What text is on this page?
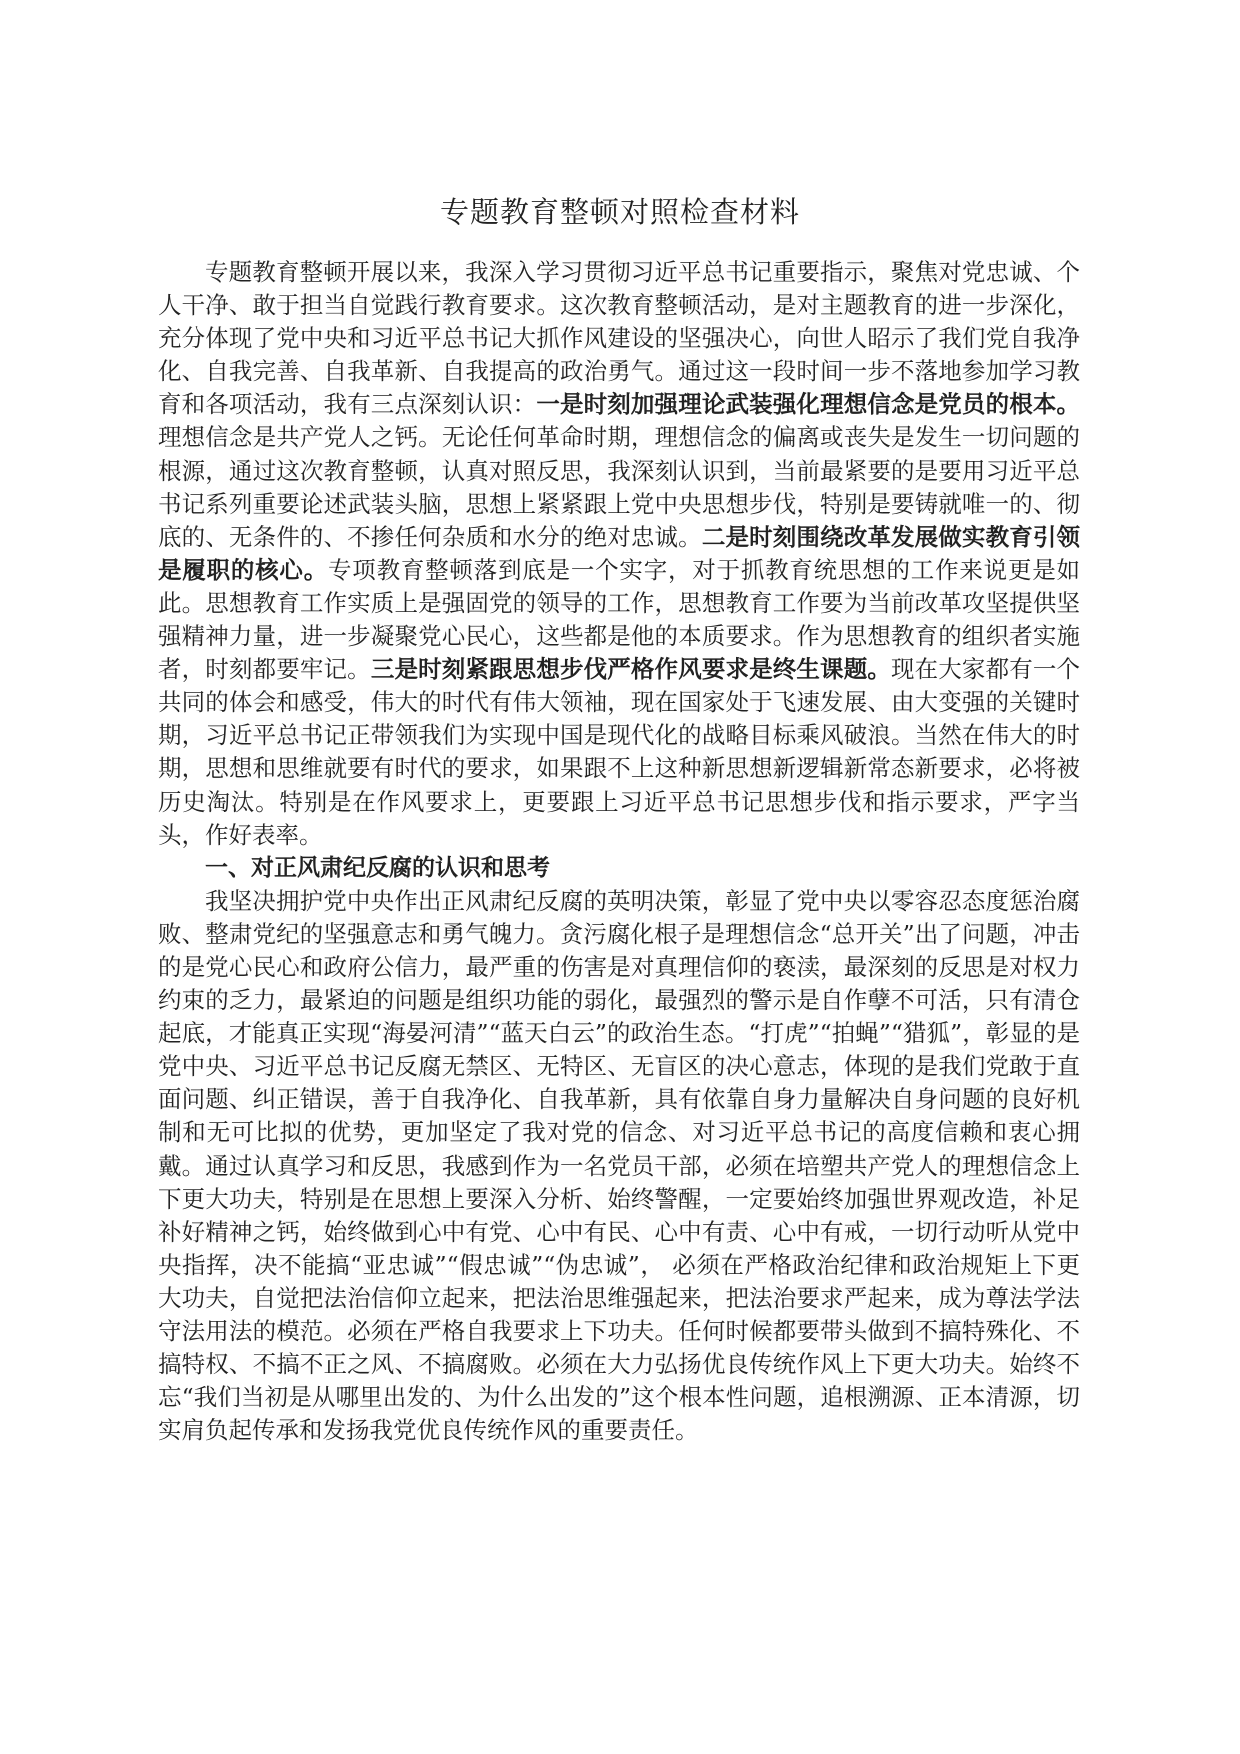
专题教育整顿对照检查材料

专题教育整顿开展以来，我深入学习贯彻习近平总书记重要指示，聚焦对党忠诚、个人干净、敢于担当自觉践行教育要求。这次教育整顿活动，是对主题教育的进一步深化，充分体现了党中央和习近平总书记大抓作风建设的坚强决心，向世人昭示了我们党自我净化、自我完善、自我革新、自我提高的政治勇气。通过这一段时间一步不落地参加学习教育和各项活动，我有三点深刻认识：一是时刻加强理论武装强化理想信念是党员的根本。理想信念是共产党人之钙。无论任何革命时期，理想信念的偏离或丧失是发生一切问题的根源，通过这次教育整顿，认真对照反思，我深刻认识到，当前最紧要的是要用习近平总书记系列重要论述武装头脑，思想上紧紧跟上党中央思想步伐，特别是要铸就唯一的、彻底的、无条件的、不掺任何杂质和水分的绝对忠诚。二是时刻围绕改革发展做实教育引领是履职的核心。专项教育整顿落到底是一个实字，对于抓教育统思想的工作来说更是如此。思想教育工作实质上是强固党的领导的工作，思想教育工作要为当前改革攻坚提供坚强精神力量，进一步凝聚党心民心，这些都是他的本质要求。作为思想教育的组织者实施者，时刻都要牢记。三是时刻紧跟思想步伐严格作风要求是终生课题。现在大家都有一个共同的体会和感受，伟大的时代有伟大领袖，现在国家处于飞速发展、由大变强的关键时期，习近平总书记正带领我们为实现中国是现代化的战略目标乘风破浪。当然在伟大的时期，思想和思维就要有时代的要求，如果跟不上这种新思想新逻辑新常态新要求，必将被历史淘汰。特别是在作风要求上，更要跟上习近平总书记思想步伐和指示要求，严字当头，作好表率。

一、对正风肃纪反腐的认识和思考

我坚决拥护党中央作出正风肃纪反腐的英明决策，彰显了党中央以零容忍态度惩治腐败、整肃党纪的坚强意志和勇气魄力。贪污腐化根子是理想信念“总开关”出了问题，冲击的是党心民心和政府公信力，最严重的伤害是对真理信仰的亵渎，最深刻的反思是对权力约束的乏力，最紧迫的问题是组织功能的弱化，最强烈的警示是自作孽不可活，只有清仓起底，才能真正实现“海晏河清”“蓝天白云”的政治生态。“打虎”“拍蝇”“猎狐”，彰显的是党中央、习近平总书记反腐无禁区、无特区、无盲区的决心意志，体现的是我们党敢于直面问题、纠正错误，善于自我净化、自我革新，具有依靠自身力量解决自身问题的良好机制和无可比拟的优势，更加坚定了我对党的信念、对习近平总书记的高度信赖和衷心拥戴。通过认真学习和反思，我感到作为一名党员干部，必须在培塑共产党人的理想信念上下更大功夫，特别是在思想上要深入分析、始终警醒，一定要始终加强世界观改造，补足补好精神之钙，始终做到心中有党、心中有民、心中有责、心中有戒，一切行动听从党中央指挥，决不能搞“亚忠诚”“假忠诚”“伪忠诚”， 必须在严格政治纪律和政治规矩上下更大功夫，自觉把法治信仰立起来，把法治思维强起来，把法治要求严起来，成为尊法学法守法用法的模范。必须在严格自我要求上下功夫。任何时候都要带头做到不搞特殊化、不搞特权、不搞不正之风、不搞腐败。必须在大力弘扬优良传统作风上下更大功夫。始终不忘“我们当初是从哪里出发的、为什么出发的”这个根本性问题，追根溯源、正本清源，切实肩负起传承和发扬我党优良传统作风的重要责任。
